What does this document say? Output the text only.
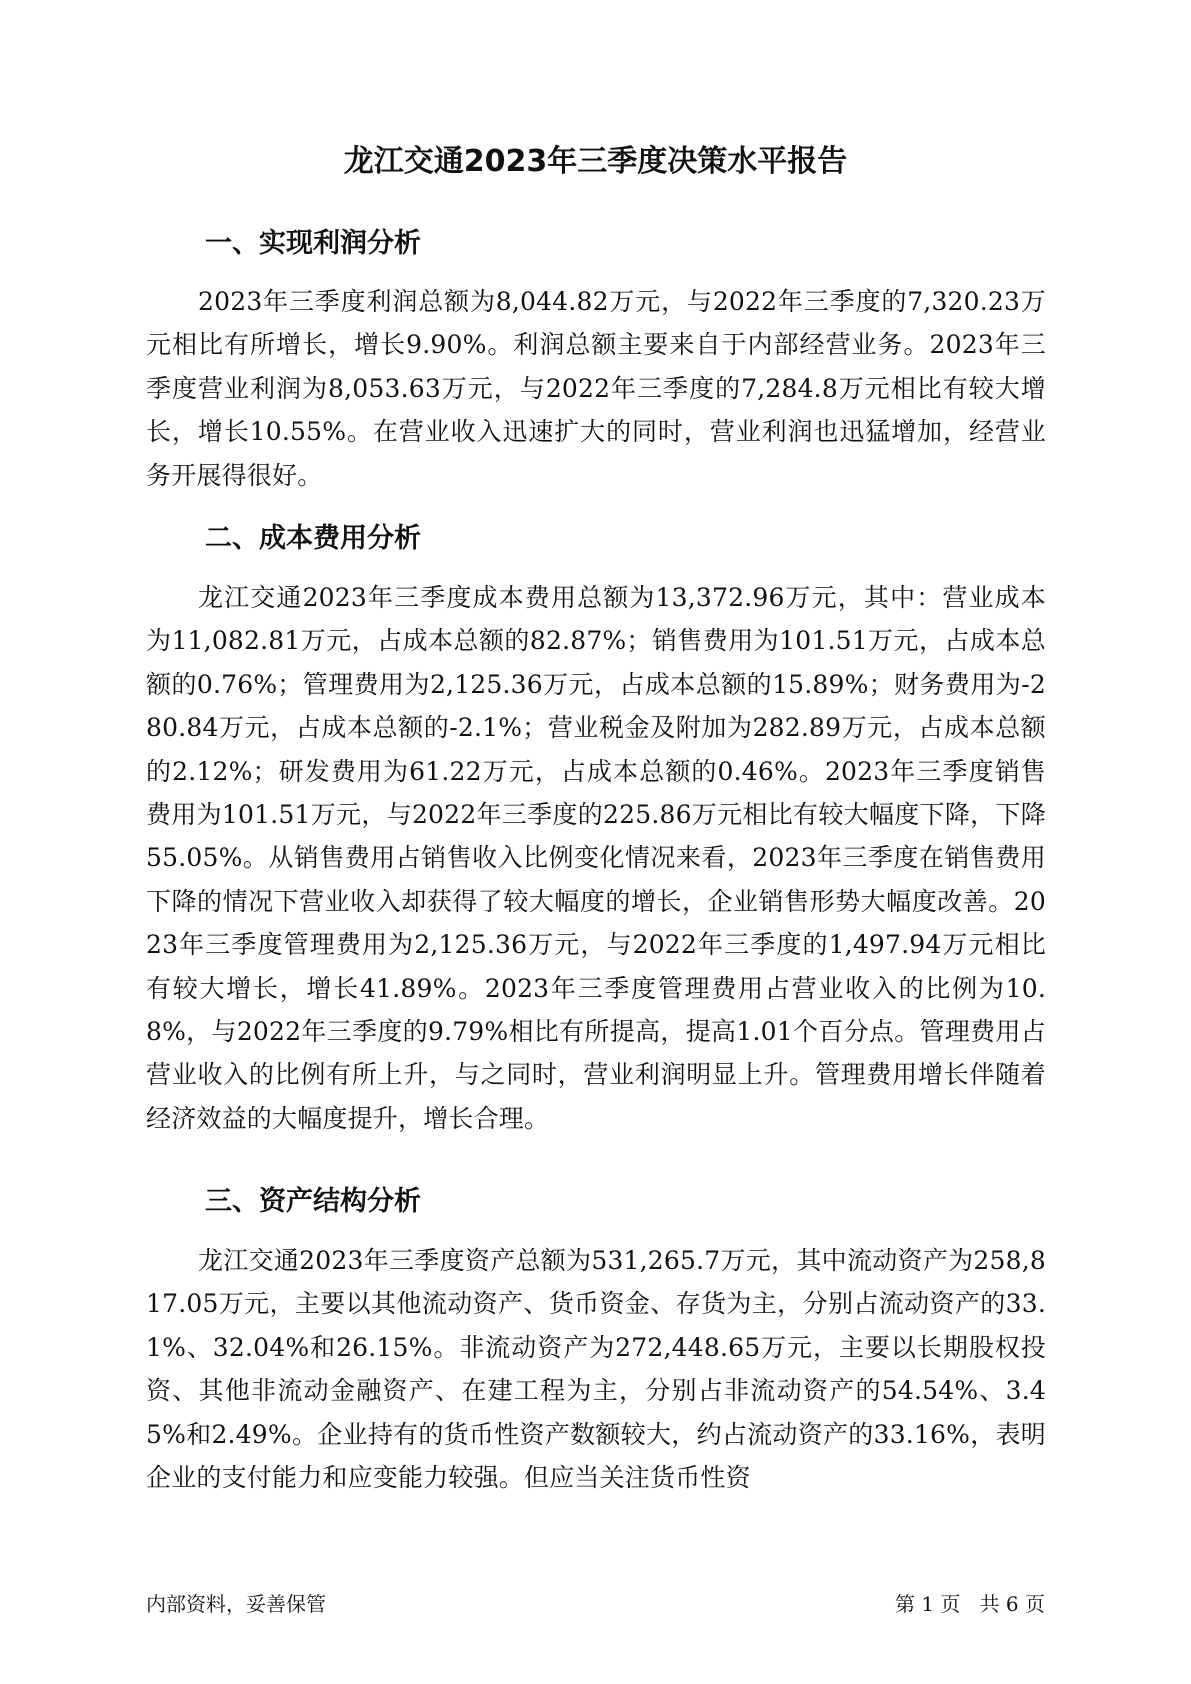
龙江交通2023年三季度决策水平报告
一、实现利润分析

2023年三季度利润总额为8,044.82万元，与2022年三季度的7,320.23万元相比有所增长，增长9.90%。利润总额主要来自于内部经营业务。2023年三季度营业利润为8,053.63万元，与2022年三季度的7,284.8万元相比有较大增长，增长10.55%。在营业收入迅速扩大的同时，营业利润也迅猛增加，经营业务开展得很好。

二、成本费用分析

龙江交通2023年三季度成本费用总额为13,372.96万元，其中：营业成本为11,082.81万元，占成本总额的82.87%；销售费用为101.51万元，占成本总额的0.76%；管理费用为2,125.36万元，占成本总额的15.89%；财务费用为-280.84万元，占成本总额的-2.1%；营业税金及附加为282.89万元，占成本总额的2.12%；研发费用为61.22万元，占成本总额的0.46%。2023年三季度销售费用为101.51万元，与2022年三季度的225.86万元相比有较大幅度下降，下降55.05%。从销售费用占销售收入比例变化情况来看，2023年三季度在销售费用下降的情况下营业收入却获得了较大幅度的增长，企业销售形势大幅度改善。2023年三季度管理费用为2,125.36万元，与2022年三季度的1,497.94万元相比有较大增长，增长41.89%。2023年三季度管理费用占营业收入的比例为10.8%，与2022年三季度的9.79%相比有所提高，提高1.01个百分点。管理费用占营业收入的比例有所上升，与之同时，营业利润明显上升。管理费用增长伴随着经济效益的大幅度提升，增长合理。

三、资产结构分析

龙江交通2023年三季度资产总额为531,265.7万元，其中流动资产为258,817.05万元，主要以其他流动资产、货币资金、存货为主，分别占流动资产的33.1%、32.04%和26.15%。非流动资产为272,448.65万元，主要以长期股权投资、其他非流动金融资产、在建工程为主，分别占非流动资产的54.54%、3.45%和2.49%。企业持有的货币性资产数额较大，约占流动资产的33.16%，表明企业的支付能力和应变能力较强。但应当关注货币性资

内部资料，妥善保管	第 1 页   共 6 页
